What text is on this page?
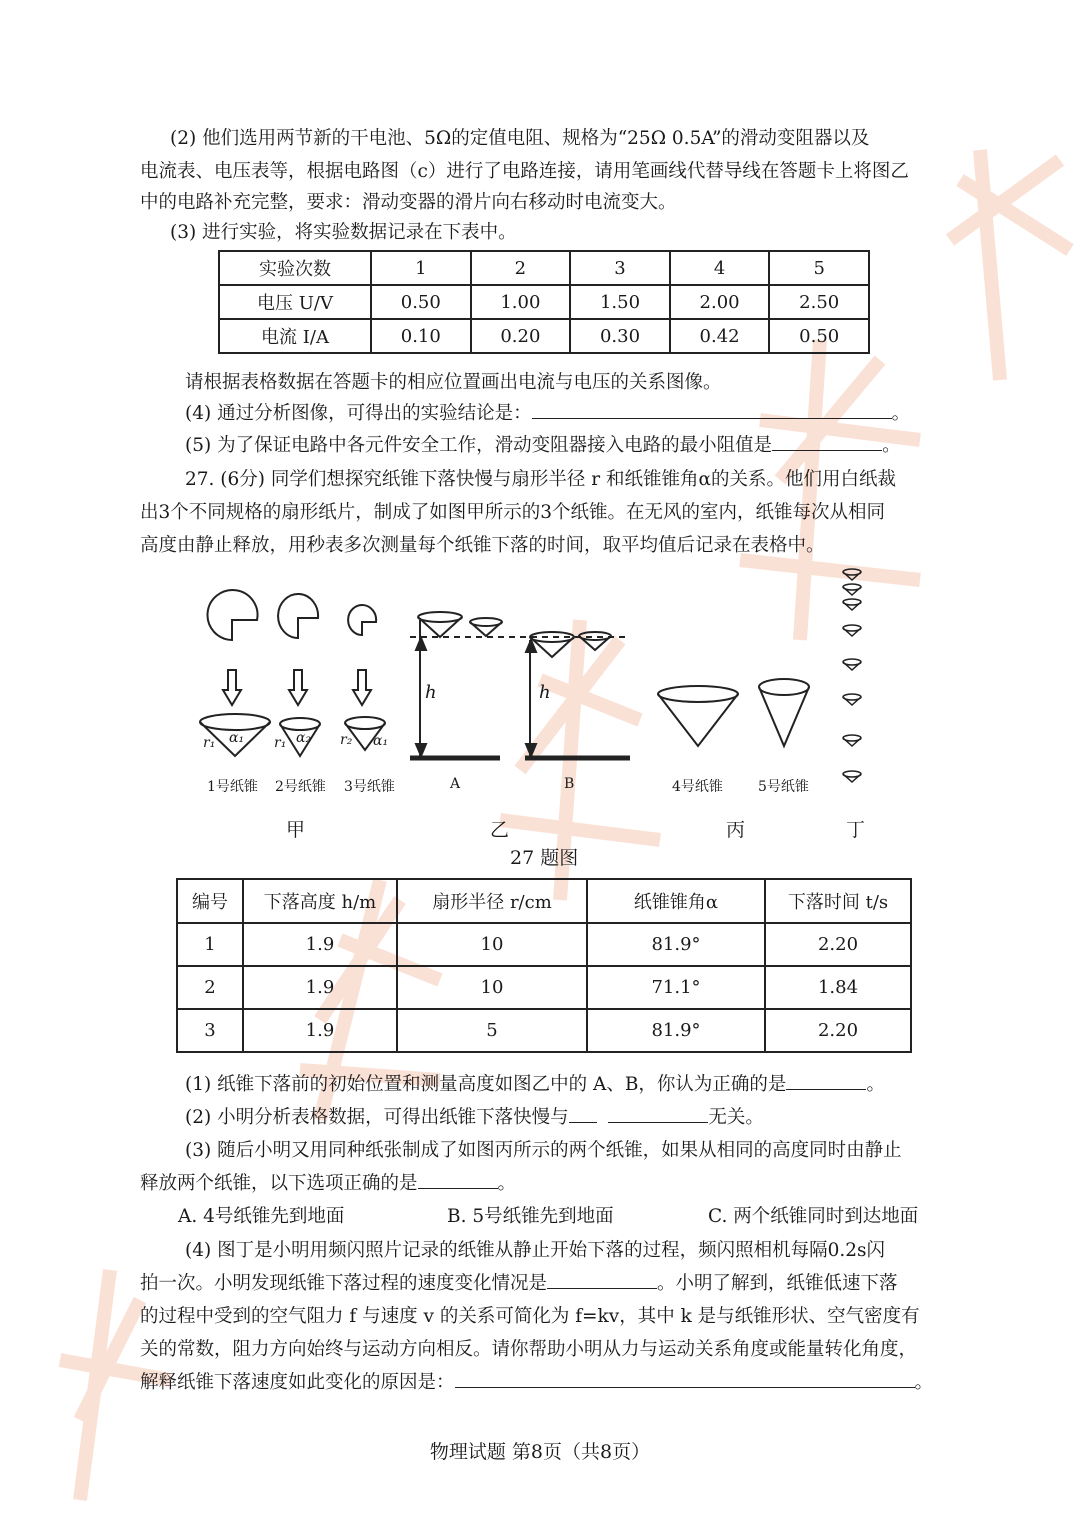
(2) 他们选用两节新的干电池、5Ω的定值电阻、规格为“25Ω 0.5A”的滑动变阻器以及
电流表、电压表等，根据电路图（c）进行了电路连接，请用笔画线代替导线在答题卡上将图乙
中的电路补充完整，要求：滑动变器的滑片向右移动时电流变大。
(3) 进行实验，将实验数据记录在下表中。
实验次数	1	2	3	4	5
电压 U/V	0.50	1.00	1.50	2.00	2.50
电流 I/A	0.10	0.20	0.30	0.42	0.50
请根据表格数据在答题卡的相应位置画出电流与电压的关系图像。
(4) 通过分析图像，可得出的实验结论是：	。
(5) 为了保证电路中各元件安全工作，滑动变阻器接入电路的最小阻值是	。
27. (6分) 同学们想探究纸锥下落快慢与扇形半径 r 和纸锥锥角α的关系。他们用白纸裁
出3个不同规格的扇形纸片，制成了如图甲所示的3个纸锥。在无风的室内，纸锥每次从相同
高度由静止释放，用秒表多次测量每个纸锥下落的时间，取平均值后记录在表格中。
r₁ α₁ r₁ α₂ r₂ α₁
1号纸锥 2号纸锥 3号纸锥
h	h
A	B	4号纸锥	5号纸锥
甲	乙	丙	丁
27 题图
编号	下落高度 h/m	扇形半径 r/cm	纸锥锥角α	下落时间 t/s
1	1.9	10	81.9°	2.20
2	1.9	10	71.1°	1.84
3	1.9	5	81.9°	2.20
(1) 纸锥下落前的初始位置和测量高度如图乙中的 A、B，你认为正确的是	。
(2) 小明分析表格数据，可得出纸锥下落快慢与	无关。
(3) 随后小明又用同种纸张制成了如图丙所示的两个纸锥，如果从相同的高度同时由静止
释放两个纸锥，以下选项正确的是	。
A. 4号纸锥先到地面	B. 5号纸锥先到地面	C. 两个纸锥同时到达地面
(4) 图丁是小明用频闪照片记录的纸锥从静止开始下落的过程，频闪照相机每隔0.2s闪
拍一次。小明发现纸锥下落过程的速度变化情况是	。小明了解到，纸锥低速下落
的过程中受到的空气阻力 f 与速度 v 的关系可简化为 f=kv，其中 k 是与纸锥形状、空气密度有
关的常数，阻力方向始终与运动方向相反。请你帮助小明从力与运动关系角度或能量转化角度，
解释纸锥下落速度如此变化的原因是：	。
物理试题 第8页（共8页）
